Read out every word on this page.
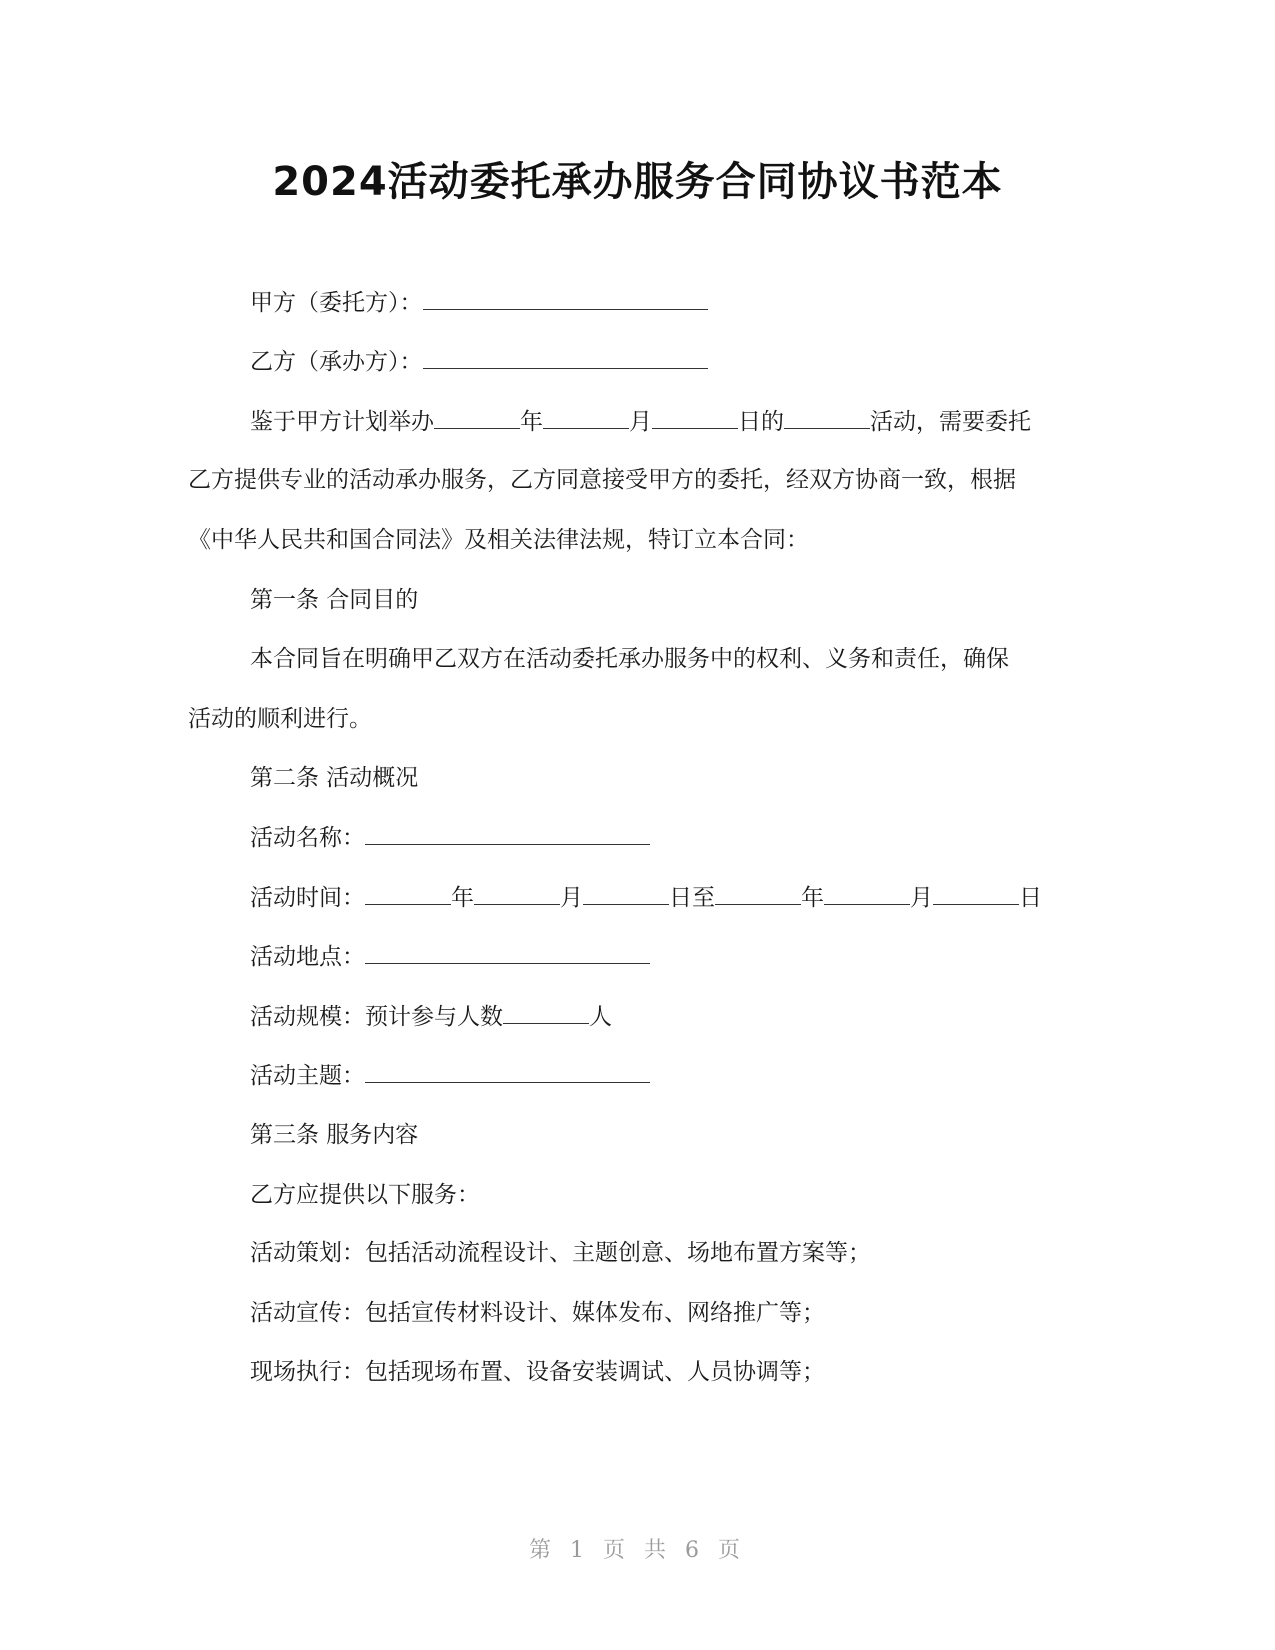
2024活动委托承办服务合同协议书范本
甲方（委托方）：
乙方（承办方）：
鉴于甲方计划举办	年	月	日的	活动，需要委托
乙方提供专业的活动承办服务，乙方同意接受甲方的委托，经双方协商一致，根据
《中华人民共和国合同法》及相关法律法规，特订立本合同：
第一条 合同目的
本合同旨在明确甲乙双方在活动委托承办服务中的权利、义务和责任，确保
活动的顺利进行。
第二条 活动概况
活动名称：
活动时间：	年	月	日至	年	月	日
活动地点：
活动规模：预计参与人数	人
活动主题：
第三条 服务内容
乙方应提供以下服务：
活动策划：包括活动流程设计、主题创意、场地布置方案等；
活动宣传：包括宣传材料设计、媒体发布、网络推广等；
现场执行：包括现场布置、设备安装调试、人员协调等；
第 1 页 共 6 页
